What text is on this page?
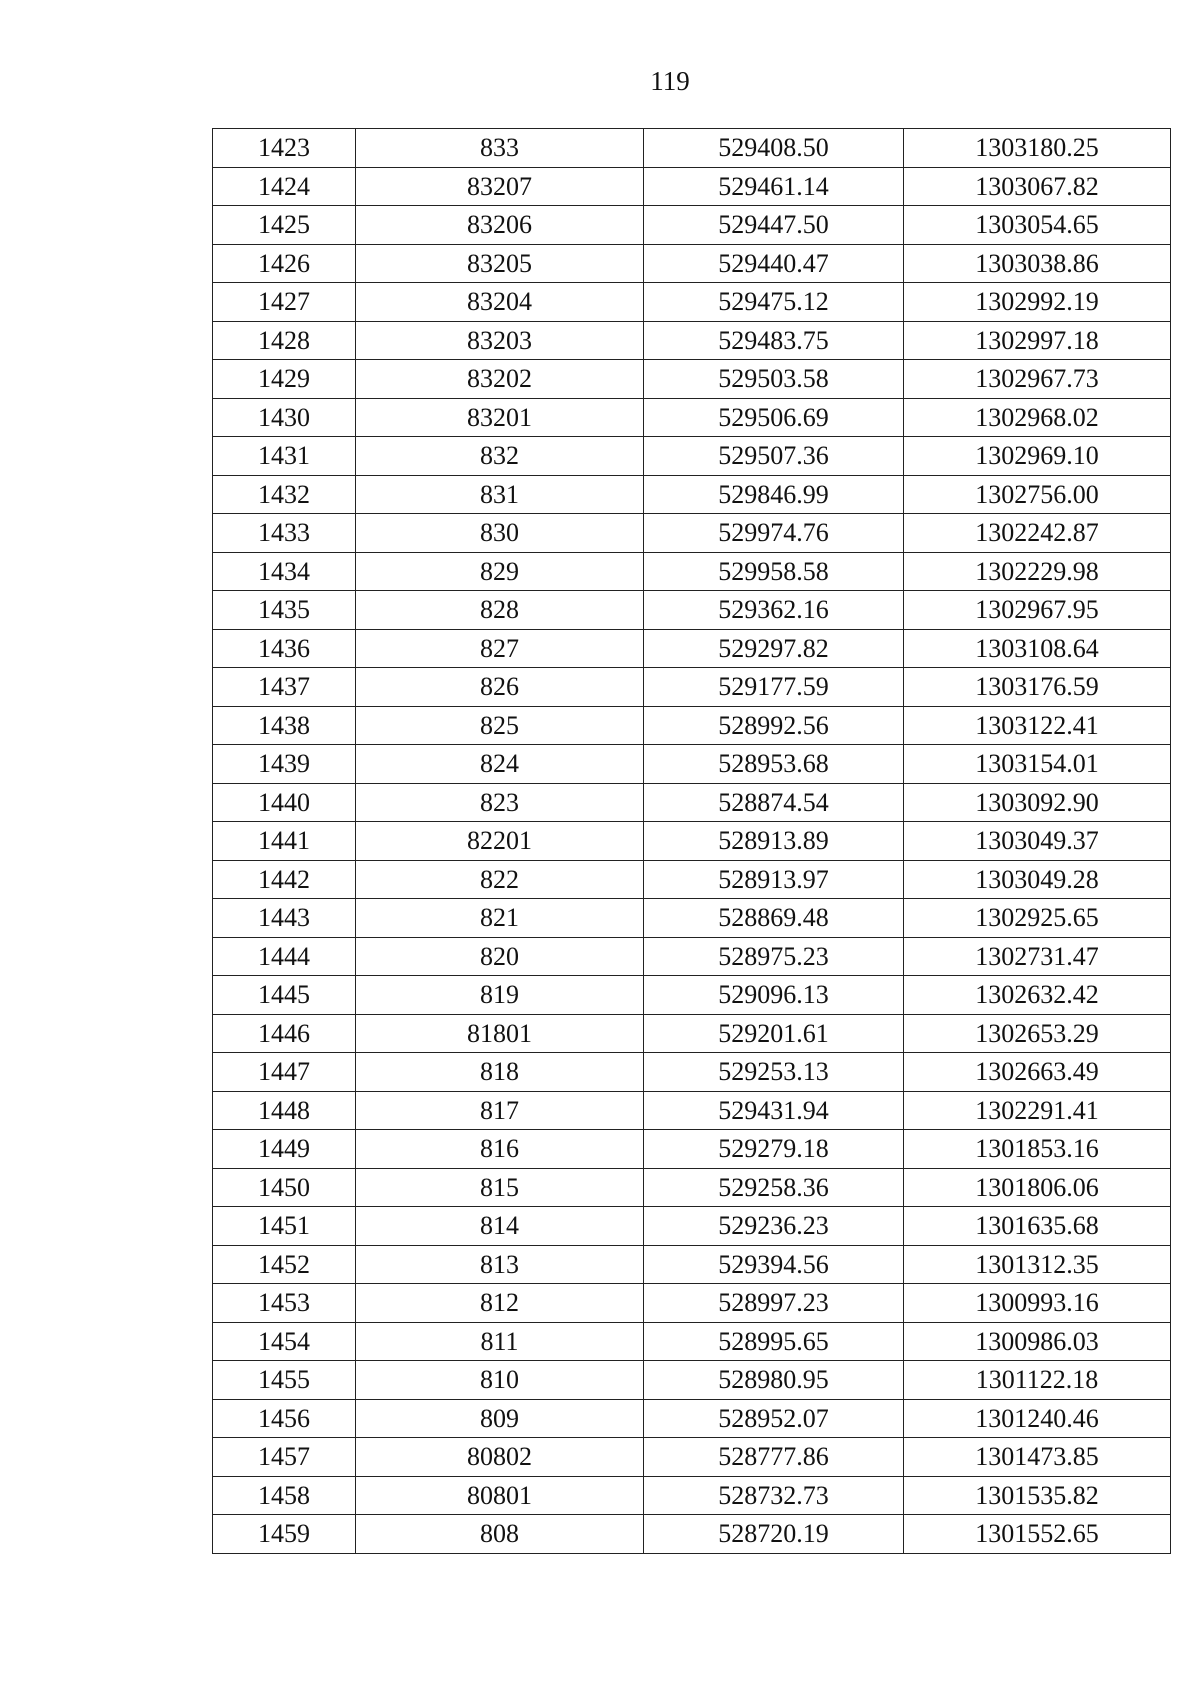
119
1423	833	529408.50	1303180.25
1424	83207	529461.14	1303067.82
1425	83206	529447.50	1303054.65
1426	83205	529440.47	1303038.86
1427	83204	529475.12	1302992.19
1428	83203	529483.75	1302997.18
1429	83202	529503.58	1302967.73
1430	83201	529506.69	1302968.02
1431	832	529507.36	1302969.10
1432	831	529846.99	1302756.00
1433	830	529974.76	1302242.87
1434	829	529958.58	1302229.98
1435	828	529362.16	1302967.95
1436	827	529297.82	1303108.64
1437	826	529177.59	1303176.59
1438	825	528992.56	1303122.41
1439	824	528953.68	1303154.01
1440	823	528874.54	1303092.90
1441	82201	528913.89	1303049.37
1442	822	528913.97	1303049.28
1443	821	528869.48	1302925.65
1444	820	528975.23	1302731.47
1445	819	529096.13	1302632.42
1446	81801	529201.61	1302653.29
1447	818	529253.13	1302663.49
1448	817	529431.94	1302291.41
1449	816	529279.18	1301853.16
1450	815	529258.36	1301806.06
1451	814	529236.23	1301635.68
1452	813	529394.56	1301312.35
1453	812	528997.23	1300993.16
1454	811	528995.65	1300986.03
1455	810	528980.95	1301122.18
1456	809	528952.07	1301240.46
1457	80802	528777.86	1301473.85
1458	80801	528732.73	1301535.82
1459	808	528720.19	1301552.65
